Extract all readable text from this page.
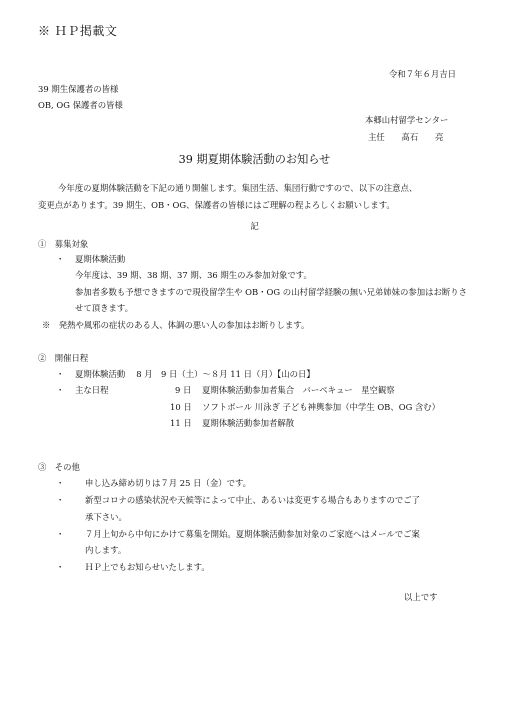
※ ＨＰ掲載文
令和７年６月吉日
39 期生保護者の皆様
OB, OG 保護者の皆様
本郷山村留学センター
主任　　髙石　　亮
39 期夏期体験活動のお知らせ
今年度の夏期体験活動を下記の通り開催します。集団生活、集団行動ですので、以下の注意点、
変更点があります。39 期生、OB・OG、保護者の皆様にはご理解の程よろしくお願いします。
記
①　募集対象
・ 夏期体験活動
今年度は、39 期、38 期、37 期、36 期生のみ参加対象です。
参加者多数も予想できますので現役留学生や OB・OG の山村留学経験の無い兄弟姉妹の参加はお断りさ
せて頂きます。
※　発熱や風邪の症状のある人、体調の悪い人の参加はお断りします。
②　開催日程
・ 夏期体験活動　 8 月　9 日（土）～８月 11 日（月）【山の日】
・ 主な日程	9 日 夏期体験活動参加者集合　バーベキュー　星空観察
10 日 ソフトボール 川泳ぎ 子ども神輿参加（中学生 OB、OG 含む）
11 日 夏期体験活動参加者解散
③　その他
・ 申し込み締め切りは７月 25 日（金）です。
・ 新型コロナの感染状況や天候等によって中止、あるいは変更する場合もありますのでご了
承下さい。
・ ７月上旬から中旬にかけて募集を開始。夏期体験活動参加対象のご家庭へはメールでご案
内します。
・ ＨＰ上でもお知らせいたします。
以上です
